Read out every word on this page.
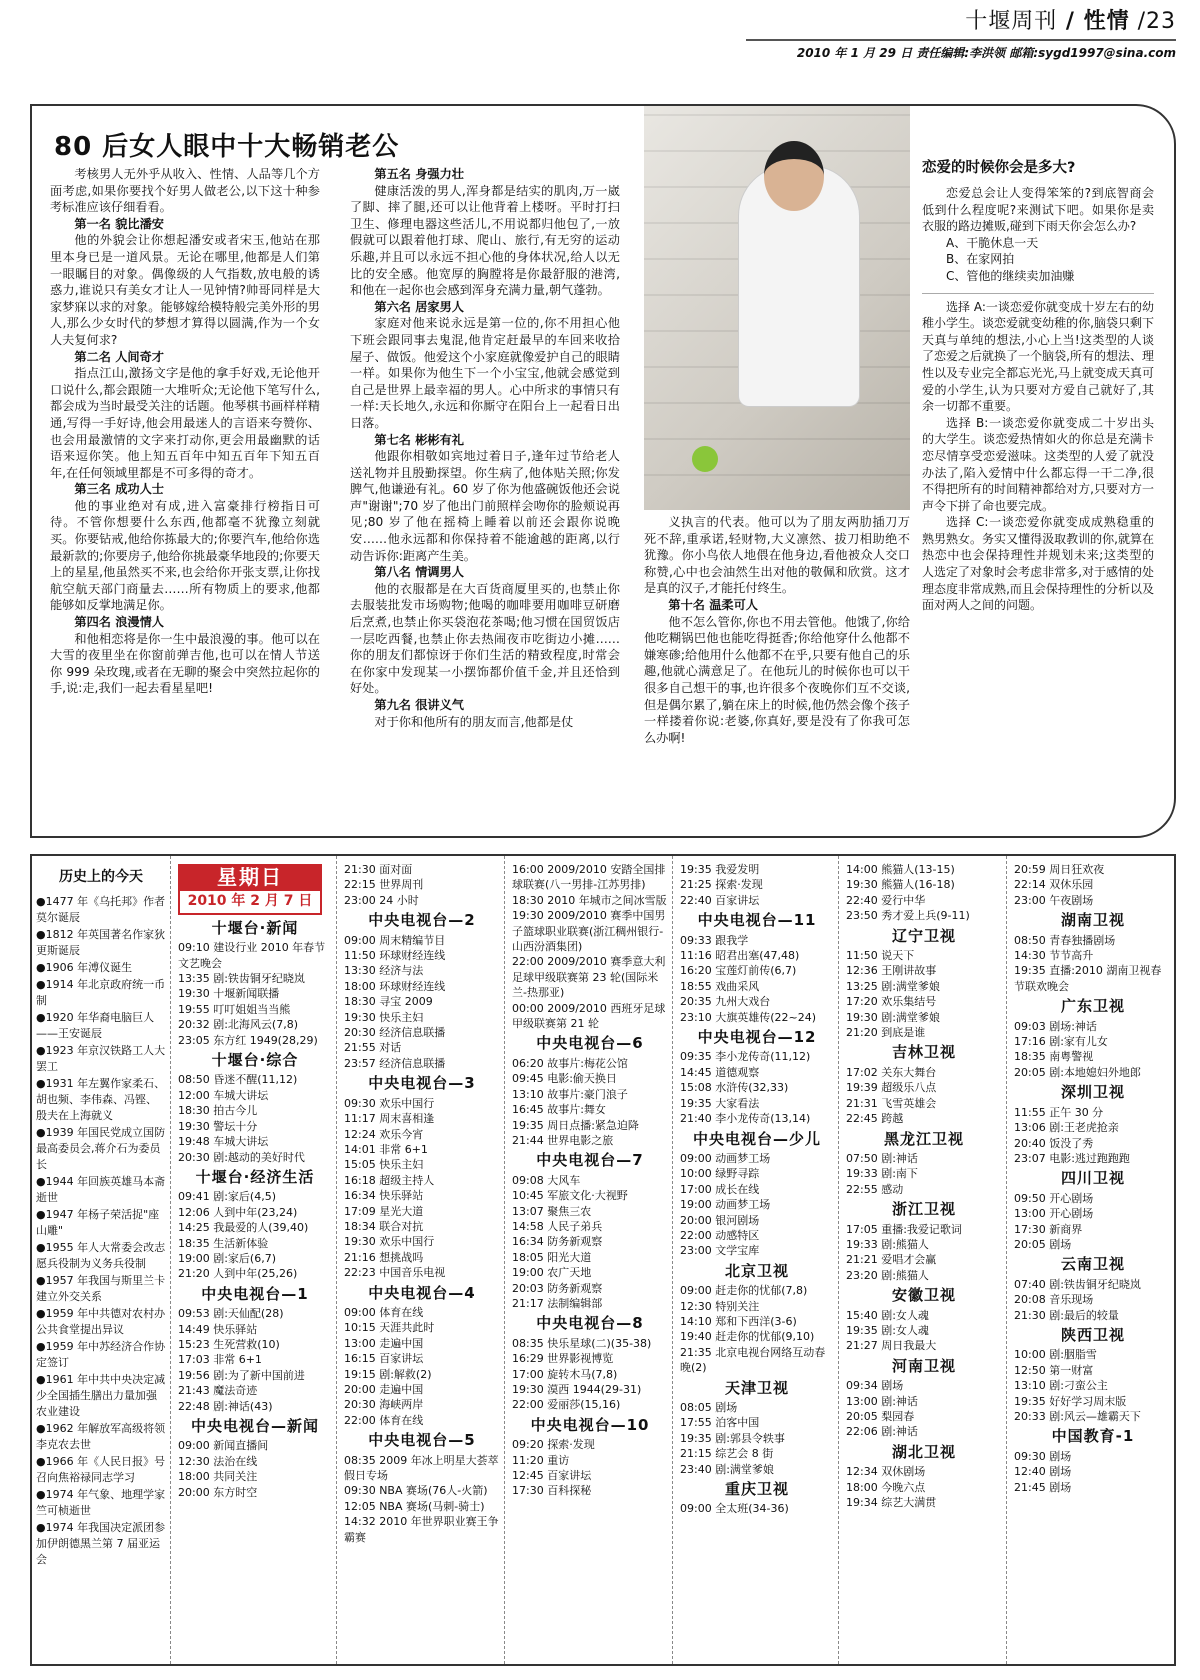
十堰周刊 / 性情 /23
2010 年 1 月 29 日 责任编辑:李洪领 邮箱:sygd1997@sina.com
80 后女人眼中十大畅销老公

考核男人无外乎从收入、性情、人品等几个方面考虑,如果你要找个好男人做老公,以下这十种参考标准应该仔细看看。

第一名 貌比潘安

他的外貌会让你想起潘安或者宋玉,他站在那里本身已是一道风景。无论在哪里,他都是人们第一眼瞩目的对象。偶像级的人气指数,放电般的诱惑力,谁说只有美女才让人一见钟情?帅哥同样是大家梦寐以求的对象。能够嫁给模特般完美外形的男人,那么少女时代的梦想才算得以圆满,作为一个女人夫复何求?

第二名 人间奇才

指点江山,激扬文字是他的拿手好戏,无论他开口说什么,都会跟随一大堆听众;无论他下笔写什么,都会成为当时最受关注的话题。他琴棋书画样样精通,写得一手好诗,他会用最迷人的言语来夸赞你、也会用最激情的文字来打动你,更会用最幽默的话语来逗你笑。他上知五百年中知五百年下知五百年,在任何领域里都是不可多得的奇才。

第三名 成功人士

他的事业绝对有成,进入富豪排行榜指日可待。不管你想要什么东西,他都毫不犹豫立刻就买。你要钻戒,他给你拣最大的;你要汽车,他给你选最新款的;你要房子,他给你挑最豪华地段的;你要天上的星星,他虽然买不来,也会给你开张支票,让你找航空航天部门商量去……所有物质上的要求,他都能够如反掌地满足你。

第四名 浪漫情人

和他相恋将是你一生中最浪漫的事。他可以在大雪的夜里坐在你窗前弹吉他,也可以在情人节送你 999 朵玫瑰,或者在无聊的聚会中突然拉起你的手,说:走,我们一起去看星星吧!

第五名 身强力壮

健康活泼的男人,浑身都是结实的肌肉,万一崴了脚、摔了腿,还可以让他背着上楼呀。平时打扫卫生、修理电器这些活儿,不用说都归他包了,一放假就可以跟着他打球、爬山、旅行,有无穷的运动乐趣,并且可以永远不担心他的身体状况,给人以无比的安全感。他宽厚的胸膛将是你最舒服的港湾,和他在一起你也会感到浑身充满力量,朝气蓬勃。

第六名 居家男人

家庭对他来说永远是第一位的,你不用担心他下班会跟同事去鬼混,他肯定赶最早的车回来收拾屋子、做饭。他爱这个小家庭就像爱护自己的眼睛一样。如果你为他生下一个小宝宝,他就会感觉到自己是世界上最幸福的男人。心中所求的事情只有一样:天长地久,永远和你厮守在阳台上一起看日出日落。

第七名 彬彬有礼

他跟你相敬如宾地过着日子,逢年过节给老人送礼物并且殷勤探望。你生病了,他体贴关照;你发脾气,他谦逊有礼。60 岁了你为他盛碗饭他还会说声"谢谢";70 岁了他出门前照样会吻你的脸颊说再见;80 岁了他在摇椅上睡着以前还会跟你说晚安……他永远都和你保持着不能逾越的距离,以行动告诉你:距离产生美。

第八名 情调男人

他的衣服都是在大百货商厦里买的,也禁止你去服装批发市场购物;他喝的咖啡要用咖啡豆研磨后烹煮,也禁止你买袋泡花茶喝;他习惯在国贸饭店一层吃西餐,也禁止你去热闹夜市吃街边小摊……你的朋友们都惊讶于你们生活的精致程度,时常会在你家中发现某一小摆饰都价值千金,并且还恰到好处。

第九名 很讲义气

对于你和他所有的朋友而言,他都是仗

义执言的代表。他可以为了朋友两肋插刀万死不辞,重承诺,轻财物,大义凛然、拔刀相助绝不犹豫。你小鸟依人地偎在他身边,看他被众人交口称赞,心中也会油然生出对他的敬佩和欣赏。这才是真的汉子,才能托付终生。

第十名 温柔可人

他不怎么管你,你也不用去管他。他饿了,你给他吃糊锅巴他也能吃得挺香;你给他穿什么他都不嫌寒碜;给他用什么他都不在乎,只要有他自己的乐趣,他就心满意足了。在他玩儿的时候你也可以干很多自己想干的事,也许很多个夜晚你们互不交谈,但是偶尔累了,躺在床上的时候,他仍然会像个孩子一样搂着你说:老婆,你真好,要是没有了你我可怎么办啊!

恋爱的时候你会是多大?

恋爱总会让人变得笨笨的?到底智商会低到什么程度呢?来测试下吧。如果你是卖衣服的路边摊贩,碰到下雨天你会怎么办?

A、干脆休息一天
B、在家网拍
C、管他的继续卖加油赚

选择 A:一谈恋爱你就变成十岁左右的幼稚小学生。谈恋爱就变幼稚的你,脑袋只剩下天真与单纯的想法,小心上当!这类型的人谈了恋爱之后就换了一个脑袋,所有的想法、理性以及专业完全都忘光光,马上就变成天真可爱的小学生,认为只要对方爱自己就好了,其余一切都不重要。

选择 B:一谈恋爱你就变成二十岁出头的大学生。谈恋爱热情如火的你总是充满卡恋尽情享受恋爱滋味。这类型的人爱了就没办法了,陷入爱情中什么都忘得一干二净,很不得把所有的时间精神都给对方,只要对方一声令下拼了命也要完成。

选择 C:一谈恋爱你就变成成熟稳重的熟男熟女。务实又懂得汲取教训的你,就算在热恋中也会保持理性并规划未来;这类型的人选定了对象时会考虑非常多,对于感情的处理态度非常成熟,而且会保持理性的分析以及面对两人之间的问题。

历史上的今天
●1477 年《乌托邦》作者莫尔诞辰
●1812 年英国著名作家狄更斯诞辰
●1906 年溥仪诞生
●1914 年北京政府统一币制
●1920 年华裔电脑巨人——王安诞辰
●1923 年京汉铁路工人大罢工
●1931 年左翼作家柔石、胡也频、李伟森、冯铿、殷夫在上海就义
●1939 年国民党成立国防最高委员会,蒋介石为委员长
●1944 年回族英雄马本斋逝世
●1947 年杨子荣活捉"座山雕"
●1955 年人大常委会改志愿兵役制为义务兵役制
●1957 年我国与斯里兰卡建立外交关系
●1959 年中共德对农村办公共食堂提出异议
●1959 年中苏经济合作协定签订
●1961 年中共中央决定减少全国插生膳出力量加强农业建设
●1962 年解放军高级将领李克农去世
●1966 年《人民日报》号召向焦裕禄同志学习
●1974 年气象、地理学家竺可桢逝世
●1974 年我国决定派团参加伊朗德黑兰第 7 届亚运会
星期日
2010 年 2 月 7 日
十堰台·新闻
09:10 建设行业 2010 年春节文艺晚会
13:35 剧:铁齿铜牙纪晓岚
19:30 十堰新闻联播
19:55 叮叮姐姐当当熊
20:32 剧:北海风云(7,8)
23:05 东方红 1949(28,29)
十堰台·综合
08:50 昏迷不醒(11,12)
12:00 车城大讲坛
18:30 拍古今儿
19:30 警坛十分
19:48 车城大讲坛
20:30 剧:越动的美好时代
十堰台·经济生活
09:41 剧:家后(4,5)
12:06 人到中年(23,24)
14:25 我最爱的人(39,40)
18:35 生活新体验
19:00 剧:家后(6,7)
21:20 人到中年(25,26)
中央电视台—1
09:53 剧:天仙配(28)
14:49 快乐驿站
15:23 生死营救(10)
17:03 非常 6+1
19:56 剧:为了新中国前进
21:43 魔法奇迹
22:48 剧:神话(43)
中央电视台—新闻
09:00 新闻直播间
12:30 法治在线
18:00 共同关注
20:00 东方时空
21:30 面对面
22:15 世界周刊
23:00 24 小时
中央电视台—2
09:00 周末精编节目
11:50 环球财经连线
13:30 经济与法
18:00 环球财经连线
18:30 寻宝 2009
19:30 快乐主妇
20:30 经济信息联播
21:55 对话
23:57 经济信息联播
中央电视台—3
09:30 欢乐中国行
11:17 周末喜相逢
12:24 欢乐今宵
14:01 非常 6+1
15:05 快乐主妇
16:18 超级主持人
16:34 快乐驿站
17:09 星光大道
18:34 联合对抗
19:30 欢乐中国行
21:16 想挑战吗
22:23 中国音乐电视
中央电视台—4
09:00 体育在线
10:15 天涯共此时
13:00 走遍中国
16:15 百家讲坛
19:15 剧:解救(2)
20:00 走遍中国
20:30 海峡两岸
22:00 体育在线
中央电视台—5
08:35 2009 年冰上明星大荟萃假日专场
09:30 NBA 赛场(76人-火箭)
12:05 NBA 赛场(马刺-骑士)
14:32 2010 年世界职业赛王争霸赛
16:00 2009/2010 安踏全国排球联赛(八一男排-江苏男排)
18:30 2010 年城市之间冰雪版
19:30 2009/2010 赛季中国男子篮球职业联赛(浙江稠州银行-山西汾酒集团)
22:00 2009/2010 赛季意大利足球甲级联赛第 23 轮(国际米兰-热那亚)
00:00 2009/2010 西班牙足球甲级联赛第 21 轮
中央电视台—6
06:20 故事片:梅花公馆
09:45 电影:偷天换日
13:10 故事片:豪门浪子
16:45 故事片:舞女
19:35 周日点播:紧急迫降
21:44 世界电影之旅
中央电视台—7
09:08 大风车
10:45 军旅文化·大视野
13:07 聚焦三农
14:58 人民子弟兵
16:34 防务新观察
18:05 阳光大道
19:00 农广天地
20:03 防务新观察
21:17 法制编辑部
中央电视台—8
08:35 快乐星球(二)(35-38)
16:29 世界影视博览
17:00 旋转木马(7,8)
19:30 漠西 1944(29-31)
22:00 爱丽莎(15,16)
中央电视台—10
09:20 探索·发现
11:20 重访
12:45 百家讲坛
17:30 百科探秘
19:35 我爱发明
21:25 探索·发现
22:40 百家讲坛
中央电视台—11
09:33 跟我学
11:16 昭君出塞(47,48)
16:20 宝莲灯前传(6,7)
18:55 戏曲采风
20:35 九州大戏台
23:10 大旗英雄传(22~24)
中央电视台—12
09:35 李小龙传奇(11,12)
14:45 道德观察
15:08 水浒传(32,33)
19:35 大家看法
21:40 李小龙传奇(13,14)
中央电视台—少儿
09:00 动画梦工场
10:00 绿野寻踪
17:00 成长在线
19:00 动画梦工场
20:00 银河剧场
22:00 动感特区
23:00 文学宝库
北京卫视
09:00 赶走你的忧郁(7,8)
12:30 特别关注
14:10 郑和下西洋(3-6)
19:40 赶走你的忧郁(9,10)
21:35 北京电视台网络互动春晚(2)
天津卫视
08:05 剧场
17:55 泊客中国
19:35 剧:郭县令轶事
21:15 综艺会 8 街
23:40 剧:满堂爹娘
重庆卫视
09:00 全太班(34-36)
14:00 熊猫人(13-15)
19:30 熊猫人(16-18)
22:40 爱行中华
23:50 秀才爱上兵(9-11)
辽宁卫视
11:50 说天下
12:36 王刚讲故事
13:25 剧:满堂爹娘
17:20 欢乐集结号
19:30 剧:满堂爹娘
21:20 到底是谁
吉林卫视
17:02 关东大舞台
19:39 超级乐八点
21:31 飞雪英雄会
22:45 跨越
黑龙江卫视
07:50 剧:神话
19:33 剧:南下
22:55 感动
浙江卫视
17:05 重播:我爱记歌词
19:33 剧:熊猫人
21:21 爱唱才会赢
23:20 剧:熊猫人
安徽卫视
15:40 剧:女人魂
19:35 剧:女人魂
21:27 周日我最大
河南卫视
09:34 剧场
13:00 剧:神话
20:05 梨园春
22:06 剧:神话
湖北卫视
12:34 双休剧场
18:00 今晚六点
19:34 综艺大满贯
20:59 周日狂欢夜
22:14 双休乐园
23:00 午夜剧场
湖南卫视
08:50 青春独播剧场
14:30 节节高升
19:35 直播:2010 湖南卫视春节联欢晚会
广东卫视
09:03 剧场:神话
17:16 剧:家有儿女
18:35 南粤警视
20:05 剧:本地媳妇外地郎
深圳卫视
11:55 正午 30 分
13:06 剧:王老虎抢亲
20:40 饭没了秀
23:07 电影:逃过跑跑跑
四川卫视
09:50 开心剧场
13:00 开心剧场
17:30 新商界
20:05 剧场
云南卫视
07:40 剧:铁齿铜牙纪晓岚
20:08 音乐现场
21:30 剧:最后的较量
陕西卫视
10:00 剧:胭脂雪
12:50 第一财富
13:10 剧:刁蛮公主
19:35 好好学习周末版
20:33 剧:风云—雄霸天下
中国教育-1
09:30 剧场
12:40 剧场
21:45 剧场
